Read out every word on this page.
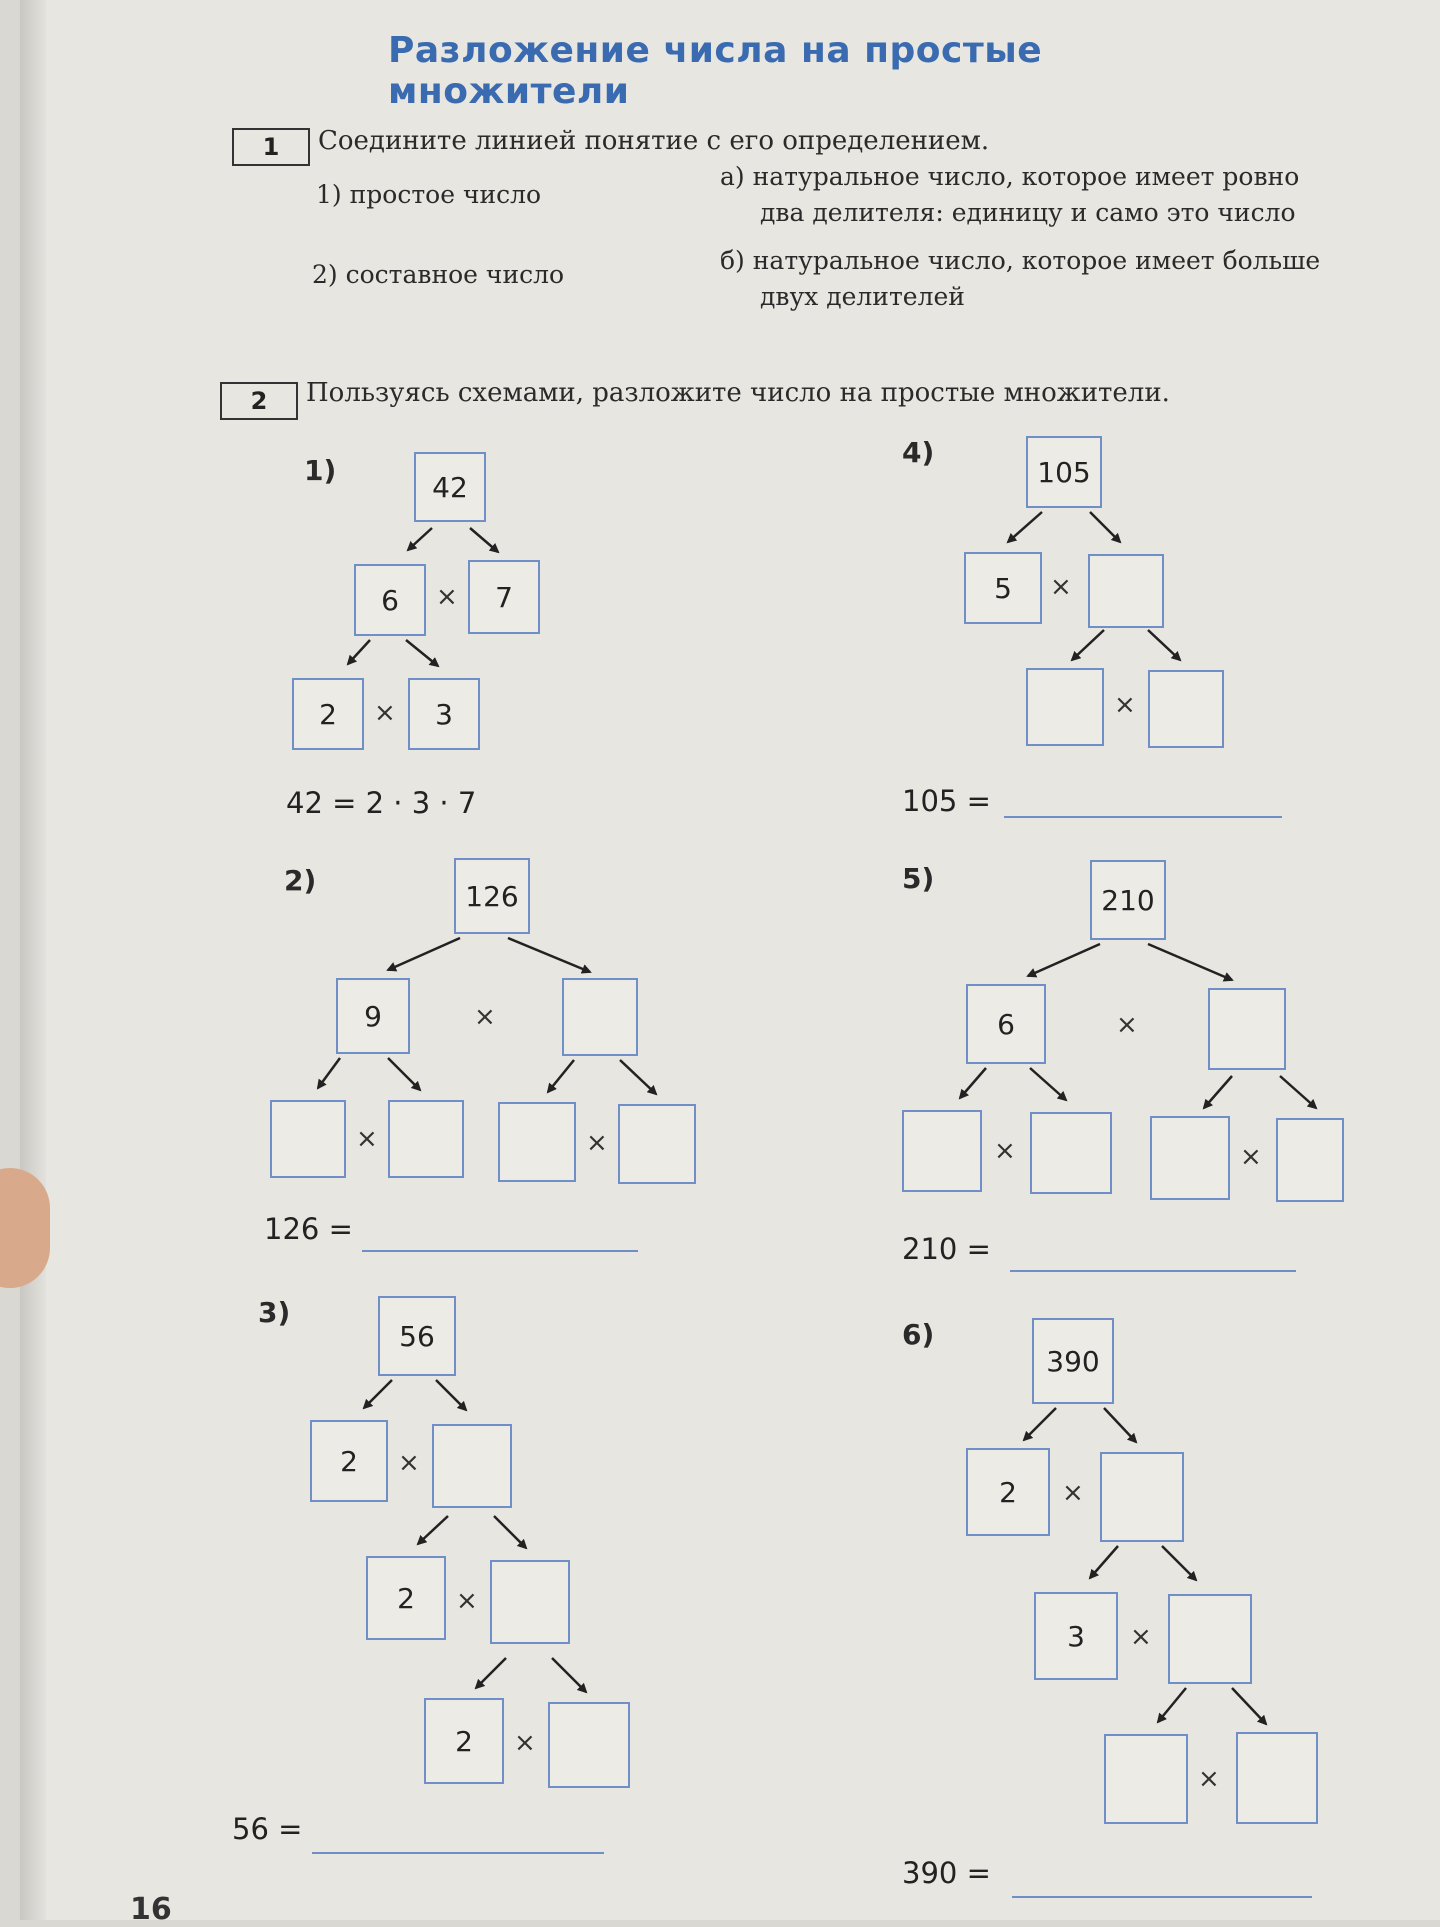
Разложение числа на простые множители
1	Соедините линией понятие с его определением.
1) простое число
2) составное число
а) натуральное число, которое имеет ровно
два делителя: единицу и само это число
б) натуральное число, которое имеет больше
двух делителей
2	Пользуясь схемами, разложите число на простые множители.
1)	42
6	×	7
2	×	3
42 = 2 · 3 · 7
4)
105
5	×
×
105 =
2)	126
9	×
×	×
126 =
5)
210
6	×
×	×
210 =
3)
56
2	×
2	×
2	×
56 =
6)
390
2	×
3	×
×
390 =
16
